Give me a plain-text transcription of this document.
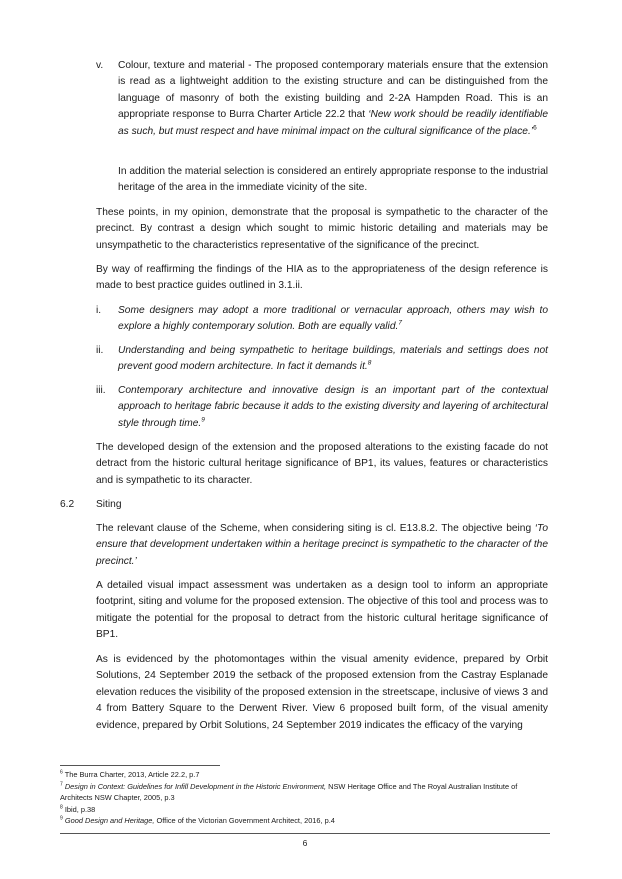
v. Colour, texture and material - The proposed contemporary materials ensure that the extension is read as a lightweight addition to the existing structure and can be distinguished from the language of masonry of both the existing building and 2-2A Hampden Road. This is an appropriate response to Burra Charter Article 22.2 that ‘New work should be readily identifiable as such, but must respect and have minimal impact on the cultural significance of the place.’$^6$

In addition the material selection is considered an entirely appropriate response to the industrial heritage of the area in the immediate vicinity of the site.

These points, in my opinion, demonstrate that the proposal is sympathetic to the character of the precinct. By contrast a design which sought to mimic historic detailing and materials may be unsympathetic to the characteristics representative of the significance of the precinct.

By way of reaffirming the findings of the HIA as to the appropriateness of the design reference is made to best practice guides outlined in 3.1.ii.

i. Some designers may adopt a more traditional or vernacular approach, others may wish to explore a highly contemporary solution. Both are equally valid.$^7$

ii. Understanding and being sympathetic to heritage buildings, materials and settings does not prevent good modern architecture. In fact it demands it.$^8$

iii. Contemporary architecture and innovative design is an important part of the contextual approach to heritage fabric because it adds to the existing diversity and layering of architectural style through time.$^9$

The developed design of the extension and the proposed alterations to the existing facade do not detract from the historic cultural heritage significance of BP1, its values, features or characteristics and is sympathetic to its character.

6.2 Siting

The relevant clause of the Scheme, when considering siting is cl. E13.8.2. The objective being ‘To ensure that development undertaken within a heritage precinct is sympathetic to the character of the precinct.’

A detailed visual impact assessment was undertaken as a design tool to inform an appropriate footprint, siting and volume for the proposed extension. The objective of this tool and process was to mitigate the potential for the proposal to detract from the historic cultural heritage significance of BP1.

As is evidenced by the photomontages within the visual amenity evidence, prepared by Orbit Solutions, 24 September 2019 the setback of the proposed extension from the Castray Esplanade elevation reduces the visibility of the proposed extension in the streetscape, inclusive of views 3 and 4 from Battery Square to the Derwent River. View 6 proposed built form, of the visual amenity evidence, prepared by Orbit Solutions, 24 September 2019 indicates the efficacy of the varying

$^6$ The Burra Charter, 2013, Article 22.2, p.7

$^7$ Design in Context: Guidelines for Infill Development in the Historic Environment, NSW Heritage Office and The Royal Australian Institute of Architects NSW Chapter, 2005, p.3

$^8$ Ibid, p.38

$^9$ Good Design and Heritage, Office of the Victorian Government Architect, 2016, p.4

6
